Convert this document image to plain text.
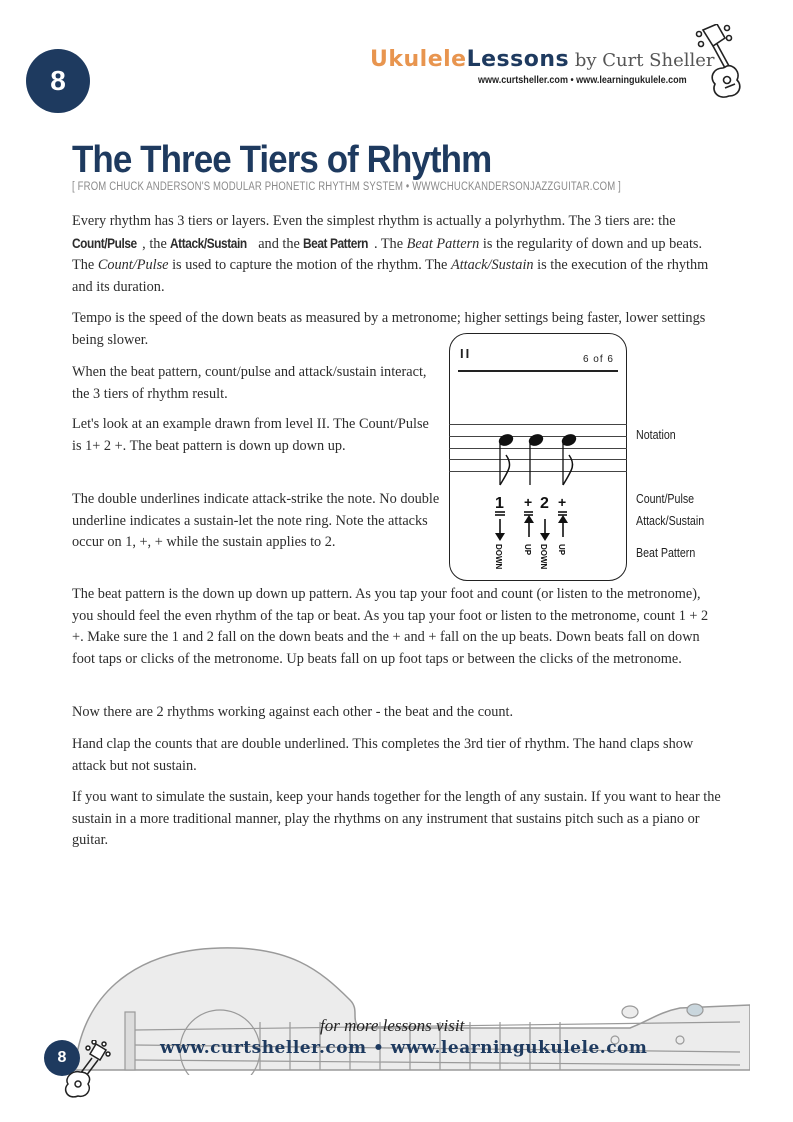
8
UkuleleLessons by Curt Sheller
www.curtsheller.com • www.learningukulele.com
The Three Tiers of Rhythm
[ FROM CHUCK ANDERSON'S MODULAR PHONETIC RHYTHM SYSTEM • WWWCHUCKANDERSONJAZZGUITAR.COM ]

Every rhythm has 3 tiers or layers. Even the simplest rhythm is actually a polyrhythm. The 3 tiers are: the Count/Pulse , the Attack/Sustain and the Beat Pattern . The Beat Pattern is the regularity of down and up beats. The Count/Pulse is used to capture the motion of the rhythm. The Attack/Sustain is the execution of the rhythm and its duration.

Tempo is the speed of the down beats as measured by a metronome; higher settings being faster, lower settings being slower.

When the beat pattern, count/pulse and attack/sustain interact, the 3 tiers of rhythm result.

Let's look at an example drawn from level II. The Count/Pulse is 1+ 2 +. The beat pattern is down up down up.

The double underlines indicate attack-strike the note. No double underline indicates a sustain-let the note ring. Note the attacks occur on 1, +, + while the sustain applies to 2.

II	6 of 6
1 + 2 +
DOWN	UP DOWN UP
Notation
Count/Pulse
Attack/Sustain
Beat Pattern

The beat pattern is the down up down up pattern. As you tap your foot and count (or listen to the metronome), you should feel the even rhythm of the tap or beat. As you tap your foot or listen to the metronome, count 1 + 2 +. Make sure the 1 and 2 fall on the down beats and the + and + fall on the up beats. Down beats fall on down foot taps or clicks of the metronome. Up beats fall on up foot taps or between the clicks of the metronome.

Now there are 2 rhythms working against each other - the beat and the count.

Hand clap the counts that are double underlined. This completes the 3rd tier of rhythm. The hand claps show attack but not sustain.

If you want to simulate the sustain, keep your hands together for the length of any sustain. If you want to hear the sustain in a more traditional manner, play the rhythms on any instrument that sustains pitch such as a piano or guitar.

for more lessons visit
www.curtsheller.com • www.learningukulele.com
8
